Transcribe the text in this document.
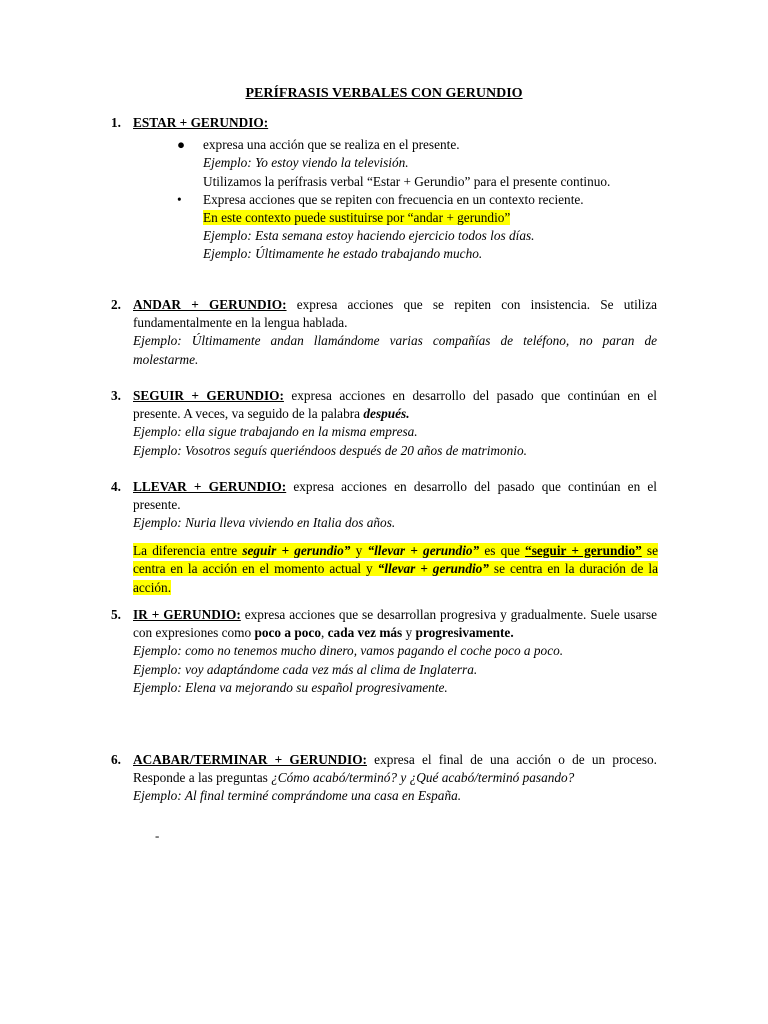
PERÍFRASIS VERBALES CON GERUNDIO
1. ESTAR + GERUNDIO:
● expresa una acción que se realiza en el presente.
Ejemplo: Yo estoy viendo la televisión.
Utilizamos la perífrasis verbal “Estar + Gerundio” para el presente continuo.
• Expresa acciones que se repiten con frecuencia en un contexto reciente.
En este contexto puede sustituirse por “andar + gerundio”
Ejemplo: Esta semana estoy haciendo ejercicio todos los días.
Ejemplo: Últimamente he estado trabajando mucho.
2. ANDAR + GERUNDIO: expresa acciones que se repiten con insistencia. Se utiliza fundamentalmente en la lengua hablada.
Ejemplo: Últimamente andan llamándome varias compañías de teléfono, no paran de molestarme.
3. SEGUIR + GERUNDIO: expresa acciones en desarrollo del pasado que continúan en el presente. A veces, va seguido de la palabra después.
Ejemplo: ella sigue trabajando en la misma empresa.
Ejemplo: Vosotros seguís queriéndoos después de 20 años de matrimonio.
4. LLEVAR + GERUNDIO: expresa acciones en desarrollo del pasado que continúan en el presente.
Ejemplo: Nuria lleva viviendo en Italia dos años.
La diferencia entre seguir + gerundio” y “llevar + gerundio” es que “seguir + gerundio” se centra en la acción en el momento actual y “llevar + gerundio” se centra en la duración de la acción.
5. IR + GERUNDIO: expresa acciones que se desarrollan progresiva y gradualmente. Suele usarse con expresiones como poco a poco, cada vez más y progresivamente.
Ejemplo: como no tenemos mucho dinero, vamos pagando el coche poco a poco.
Ejemplo: voy adaptándome cada vez más al clima de Inglaterra.
Ejemplo: Elena va mejorando su español progresivamente.
6. ACABAR/TERMINAR + GERUNDIO: expresa el final de una acción o de un proceso. Responde a las preguntas ¿Cómo acabó/terminó? y ¿Qué acabó/terminó pasando?
Ejemplo: Al final terminé comprándome una casa en España.
-
